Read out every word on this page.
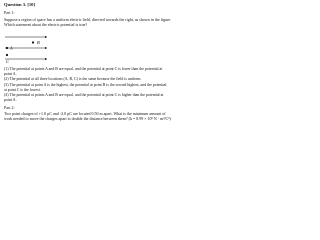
Question 3. [10]
Part 1:
Suppose a region of space has a uniform electric field, directed towards the right, as shown in the figure.
Which statement about the electric potential is true?
A
B
C
(1) The potential at points A and B are equal, and the potential at point C is lower than the potential at
point A.
(2) The potential at all three locations (A, B, C) is the same because the field is uniform.
(3) The potential at point A is the highest, the potential at point B is the second highest, and the potential
at point C is the lowest.
(4) The potential at points A and B are equal, and the potential at point C is higher than the potential at
point A.
Part 2:
Two point charges of +1.0 µC and -2.0 µC are located 0.50 m apart. What is the minimum amount of
work needed to move the charges apart to double the distance between them? (k = 8.99 × 10⁹ N · m²/C²)
